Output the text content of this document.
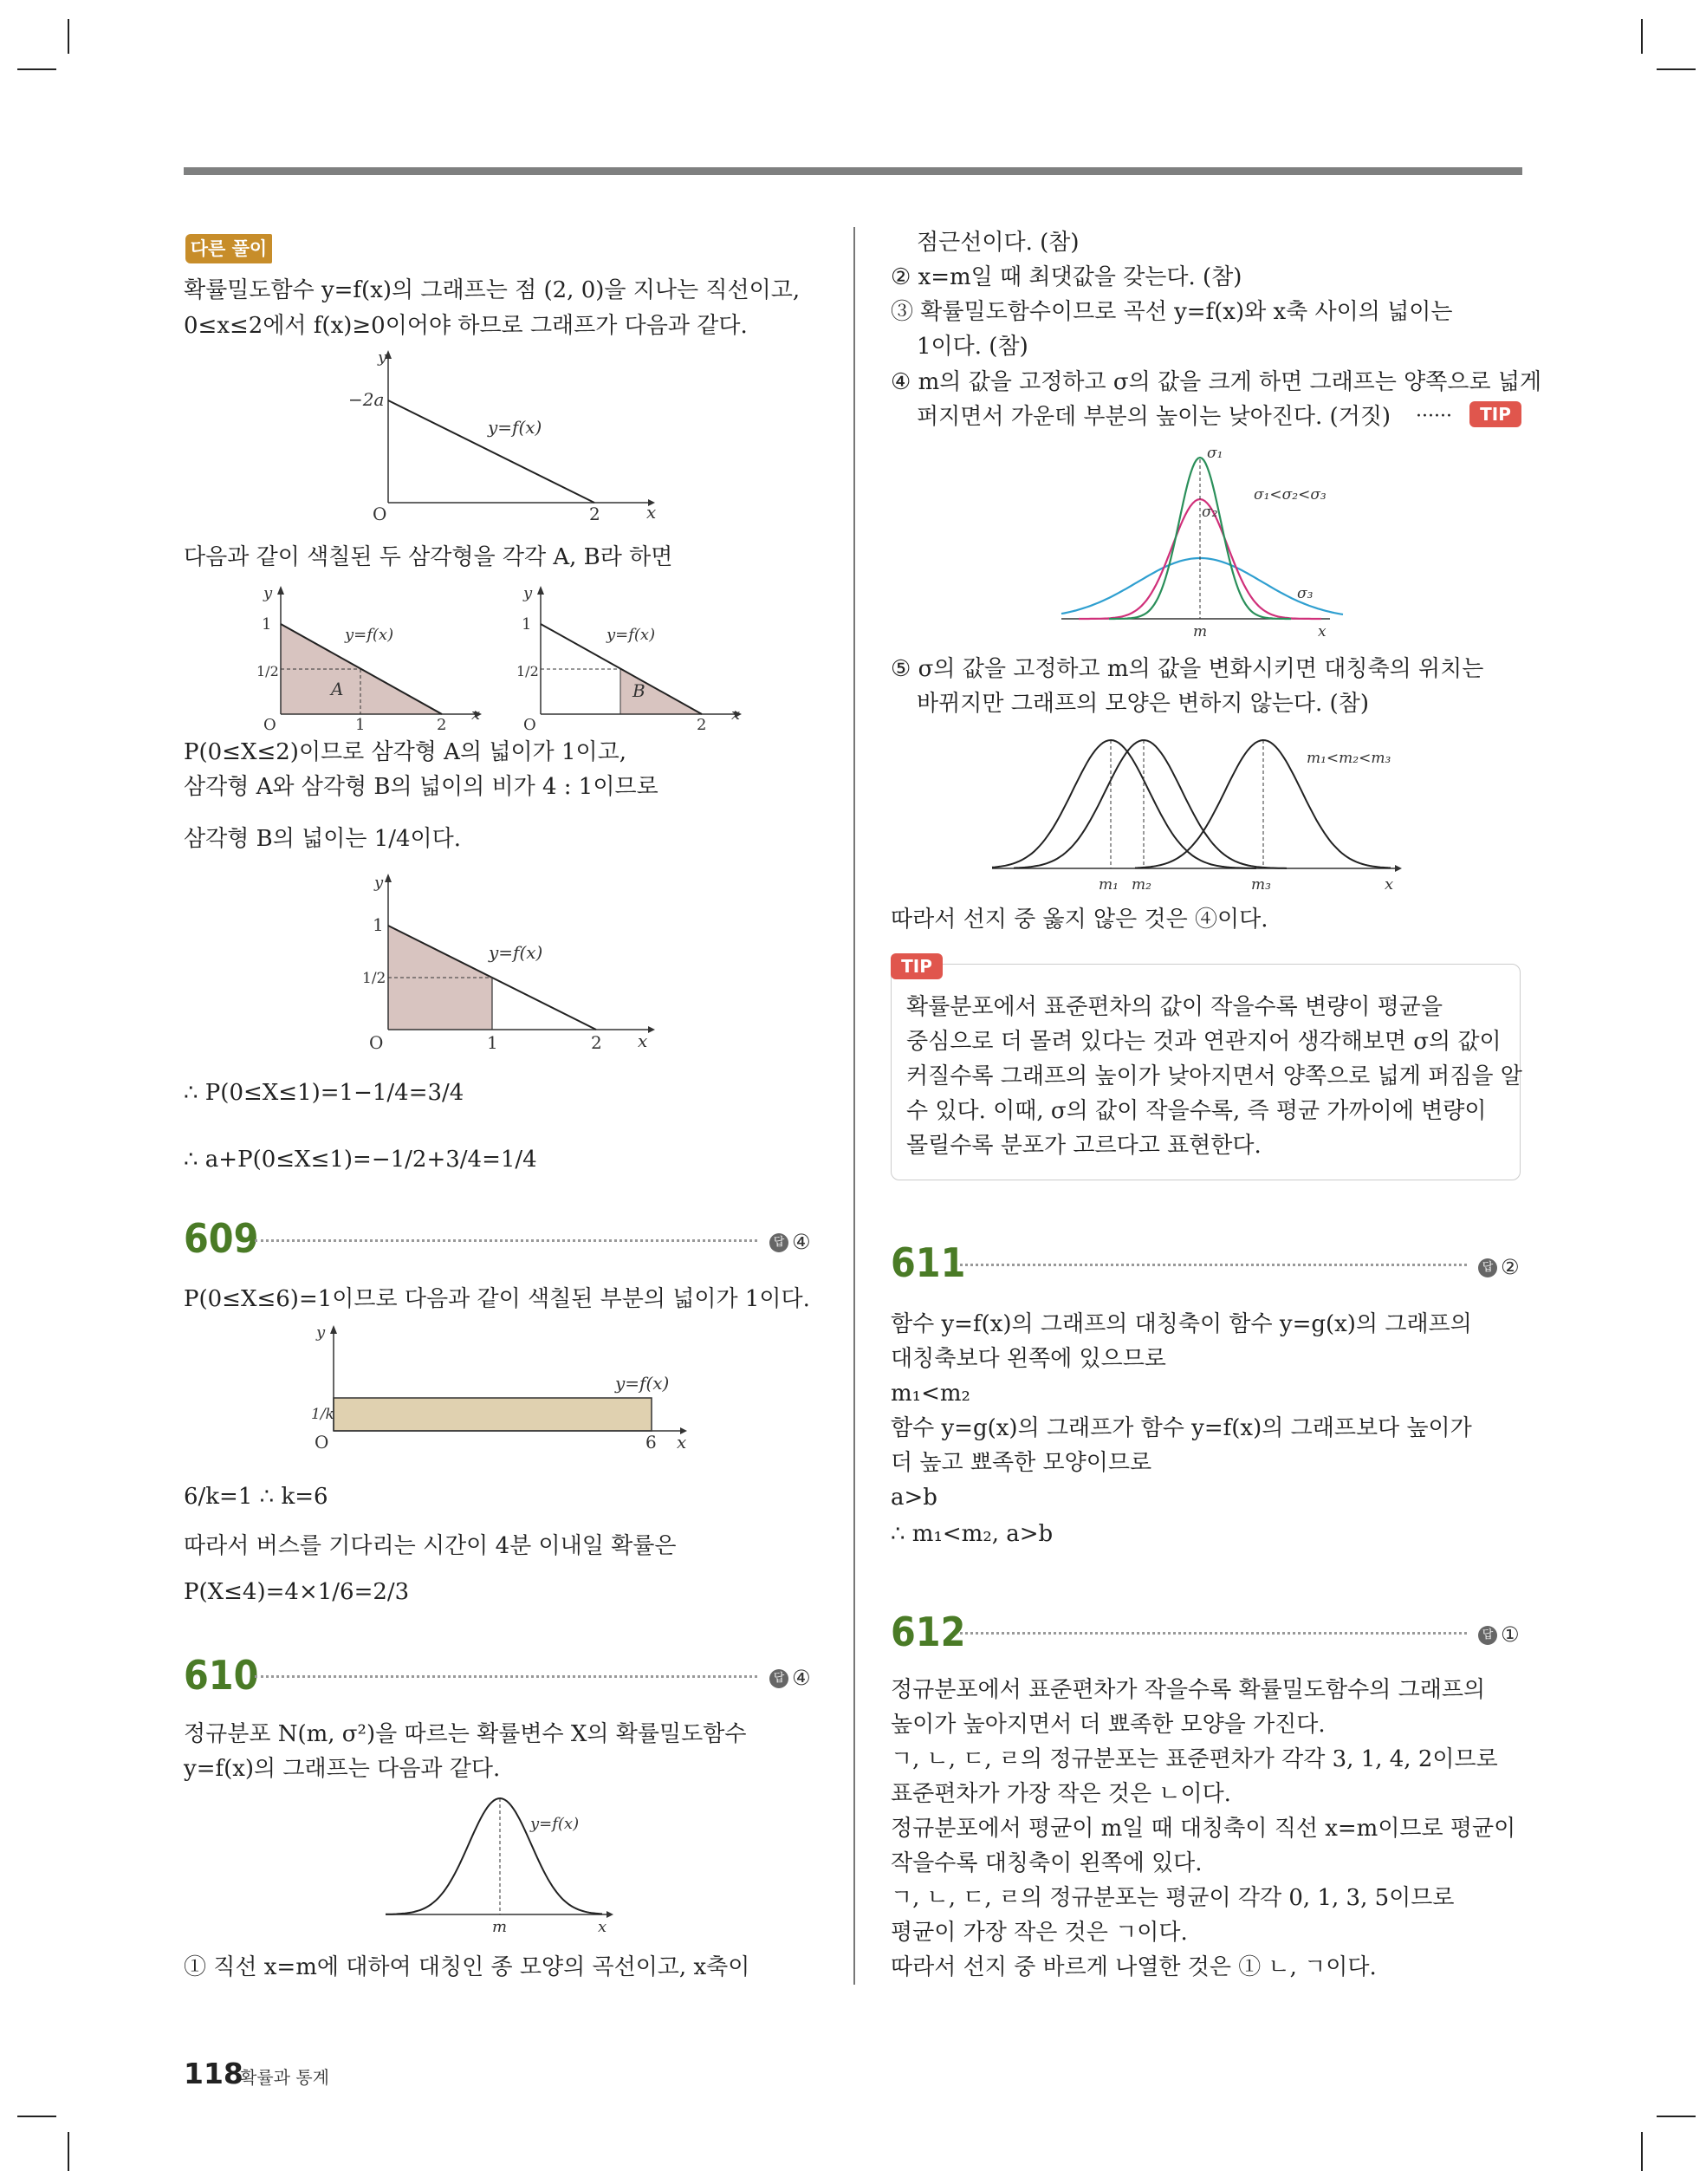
다른 풀이
확률밀도함수 y=f(x)의 그래프는 점 (2, 0)을 지나는 직선이고,
0≤x≤2에서 f(x)≥0이어야 하므로 그래프가 다음과 같다.
y
x
O	2
−2a
y=f(x)
다음과 같이 색칠된 두 삼각형을 각각 A, B라 하면
y
x
O	1	2
1
1/2
A
y=f(x)
y
x
O	2
1
1/2
B
y=f(x)
P(0≤X≤2)이므로 삼각형 A의 넓이가 1이고,
삼각형 A와 삼각형 B의 넓이의 비가 4 : 1이므로
삼각형 B의 넓이는 1/4이다.
y
x
O	1	2
1
1/2
y=f(x)
∴ P(0≤X≤1)=1−1/4=3/4
∴ a+P(0≤X≤1)=−1/2+3/4=1/4
609	답 ④
P(0≤X≤6)=1이므로 다음과 같이 색칠된 부분의 넓이가 1이다.
y
x
O	6
1/k
y=f(x)
6/k=1 ∴ k=6
따라서 버스를 기다리는 시간이 4분 이내일 확률은
P(X≤4)=4×1/6=2/3
610	답 ④
정규분포 N(m, σ²)을 따르는 확률변수 X의 확률밀도함수
y=f(x)의 그래프는 다음과 같다.
m	x
y=f(x)
① 직선 x=m에 대하여 대칭인 종 모양의 곡선이고, x축이
점근선이다. (참)
② x=m일 때 최댓값을 갖는다. (참)
③ 확률밀도함수이므로 곡선 y=f(x)와 x축 사이의 넓이는
1이다. (참)
④ m의 값을 고정하고 σ의 값을 크게 하면 그래프는 양쪽으로 넓게
퍼지면서 가운데 부분의 높이는 낮아진다. (거짓) ······	TIP
σ₁
σ₂
σ₃
σ₁<σ₂<σ₃
m	x
⑤ σ의 값을 고정하고 m의 값을 변화시키면 대칭축의 위치는
바뀌지만 그래프의 모양은 변하지 않는다. (참)
m₁ m₂	m₃	x
m₁<m₂<m₃
따라서 선지 중 옳지 않은 것은 ④이다.
TIP
확률분포에서 표준편차의 값이 작을수록 변량이 평균을
중심으로 더 몰려 있다는 것과 연관지어 생각해보면 σ의 값이
커질수록 그래프의 높이가 낮아지면서 양쪽으로 넓게 퍼짐을 알
수 있다. 이때, σ의 값이 작을수록, 즉 평균 가까이에 변량이
몰릴수록 분포가 고르다고 표현한다.
611	답 ②
함수 y=f(x)의 그래프의 대칭축이 함수 y=g(x)의 그래프의
대칭축보다 왼쪽에 있으므로
m₁<m₂
함수 y=g(x)의 그래프가 함수 y=f(x)의 그래프보다 높이가
더 높고 뾰족한 모양이므로
a>b
∴ m₁<m₂, a>b
612	답 ①
정규분포에서 표준편차가 작을수록 확률밀도함수의 그래프의
높이가 높아지면서 더 뾰족한 모양을 가진다.
ㄱ, ㄴ, ㄷ, ㄹ의 정규분포는 표준편차가 각각 3, 1, 4, 2이므로
표준편차가 가장 작은 것은 ㄴ이다.
정규분포에서 평균이 m일 때 대칭축이 직선 x=m이므로 평균이
작을수록 대칭축이 왼쪽에 있다.
ㄱ, ㄴ, ㄷ, ㄹ의 정규분포는 평균이 각각 0, 1, 3, 5이므로
평균이 가장 작은 것은 ㄱ이다.
따라서 선지 중 바르게 나열한 것은 ① ㄴ, ㄱ이다.
118
확률과 통계
